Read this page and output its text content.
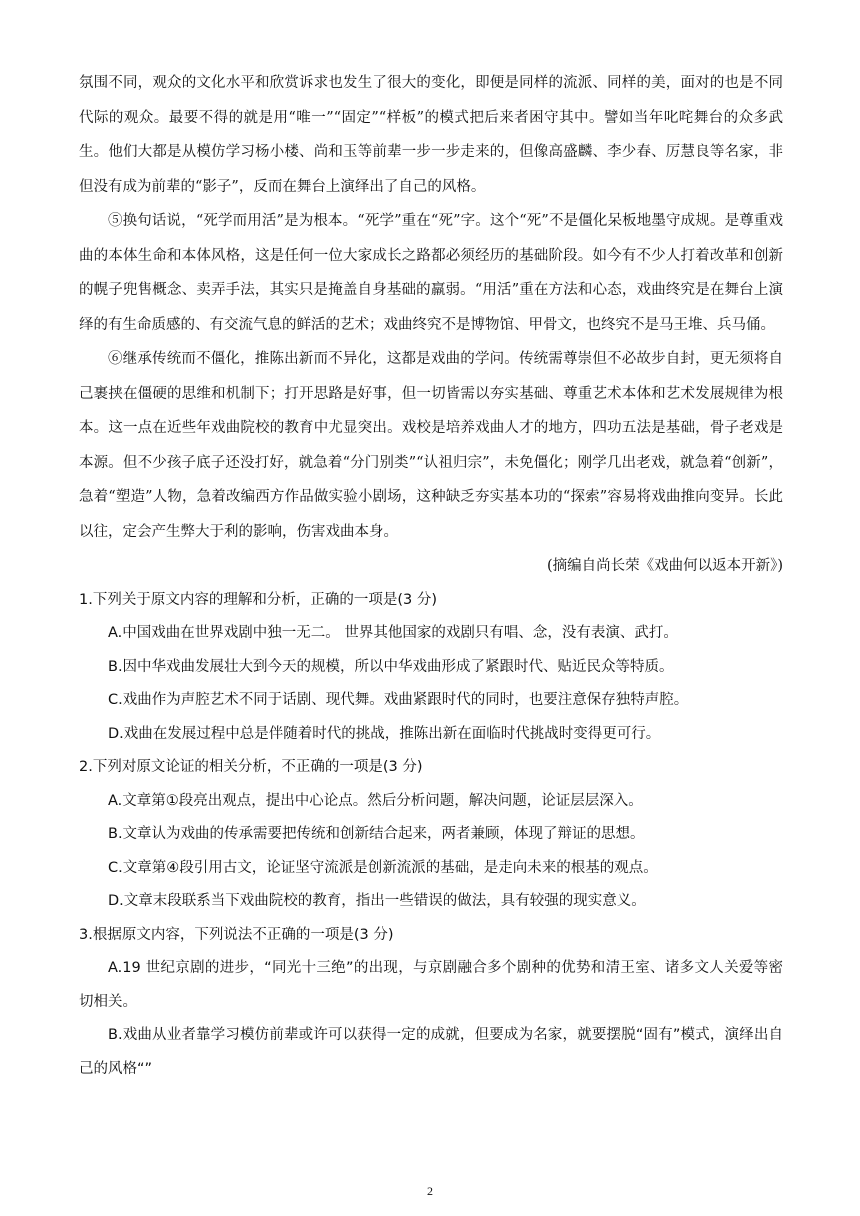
氛围不同，观众的文化水平和欣赏诉求也发生了很大的变化，即便是同样的流派、同样的美，面对的也是不同代际的观众。最要不得的就是用“唯一”“固定”“样板”的模式把后来者困守其中。譬如当年叱咤舞台的众多武生。他们大都是从模仿学习杨小楼、尚和玉等前辈一步一步走来的，但像高盛麟、李少春、厉慧良等名家，非但没有成为前辈的“影子”，反而在舞台上演绎出了自己的风格。

⑤换句话说，“死学而用活”是为根本。“死学”重在“死”字。这个“死”不是僵化呆板地墨守成规。是尊重戏曲的本体生命和本体风格，这是任何一位大家成长之路都必须经历的基础阶段。如今有不少人打着改革和创新的幌子兜售概念、卖弄手法，其实只是掩盖自身基础的羸弱。“用活”重在方法和心态，戏曲终究是在舞台上演绎的有生命质感的、有交流气息的鲜活的艺术；戏曲终究不是博物馆、甲骨文，也终究不是马王堆、兵马俑。

⑥继承传统而不僵化，推陈出新而不异化，这都是戏曲的学问。传统需尊崇但不必故步自封，更无须将自己裹挟在僵硬的思维和机制下；打开思路是好事，但一切皆需以夯实基础、尊重艺术本体和艺术发展规律为根本。这一点在近些年戏曲院校的教育中尤显突出。戏校是培养戏曲人才的地方，四功五法是基础，骨子老戏是本源。但不少孩子底子还没打好，就急着“分门别类”“认祖归宗”，未免僵化；刚学几出老戏，就急着“创新”，急着“塑造”人物，急着改编西方作品做实验小剧场，这种缺乏夯实基本功的“探索”容易将戏曲推向变异。长此以往，定会产生弊大于利的影响，伤害戏曲本身。

(摘编自尚长荣《戏曲何以返本开新》)

1.下列关于原文内容的理解和分析，正确的一项是(3 分)

A.中国戏曲在世界戏剧中独一无二。 世界其他国家的戏剧只有唱、念，没有表演、武打。

B.因中华戏曲发展壮大到今天的规模，所以中华戏曲形成了紧跟时代、贴近民众等特质。

C.戏曲作为声腔艺术不同于话剧、现代舞。戏曲紧跟时代的同时，也要注意保存独特声腔。

D.戏曲在发展过程中总是伴随着时代的挑战，推陈出新在面临时代挑战时变得更可行。

2.下列对原文论证的相关分析，不正确的一项是(3 分)

A.文章第①段亮出观点，提出中心论点。然后分析问题，解决问题，论证层层深入。

B.文章认为戏曲的传承需要把传统和创新结合起来，两者兼顾，体现了辩证的思想。

C.文章第④段引用古文，论证坚守流派是创新流派的基础，是走向未来的根基的观点。

D.文章末段联系当下戏曲院校的教育，指出一些错误的做法，具有较强的现实意义。

3.根据原文内容，下列说法不正确的一项是(3 分)

A.19 世纪京剧的进步，“同光十三绝”的出现，与京剧融合多个剧种的优势和清王室、诸多文人关爱等密切相关。

B.戏曲从业者靠学习模仿前辈或许可以获得一定的成就，但要成为名家，就要摆脱“固有”模式，演绎出自己的风格“”

2
